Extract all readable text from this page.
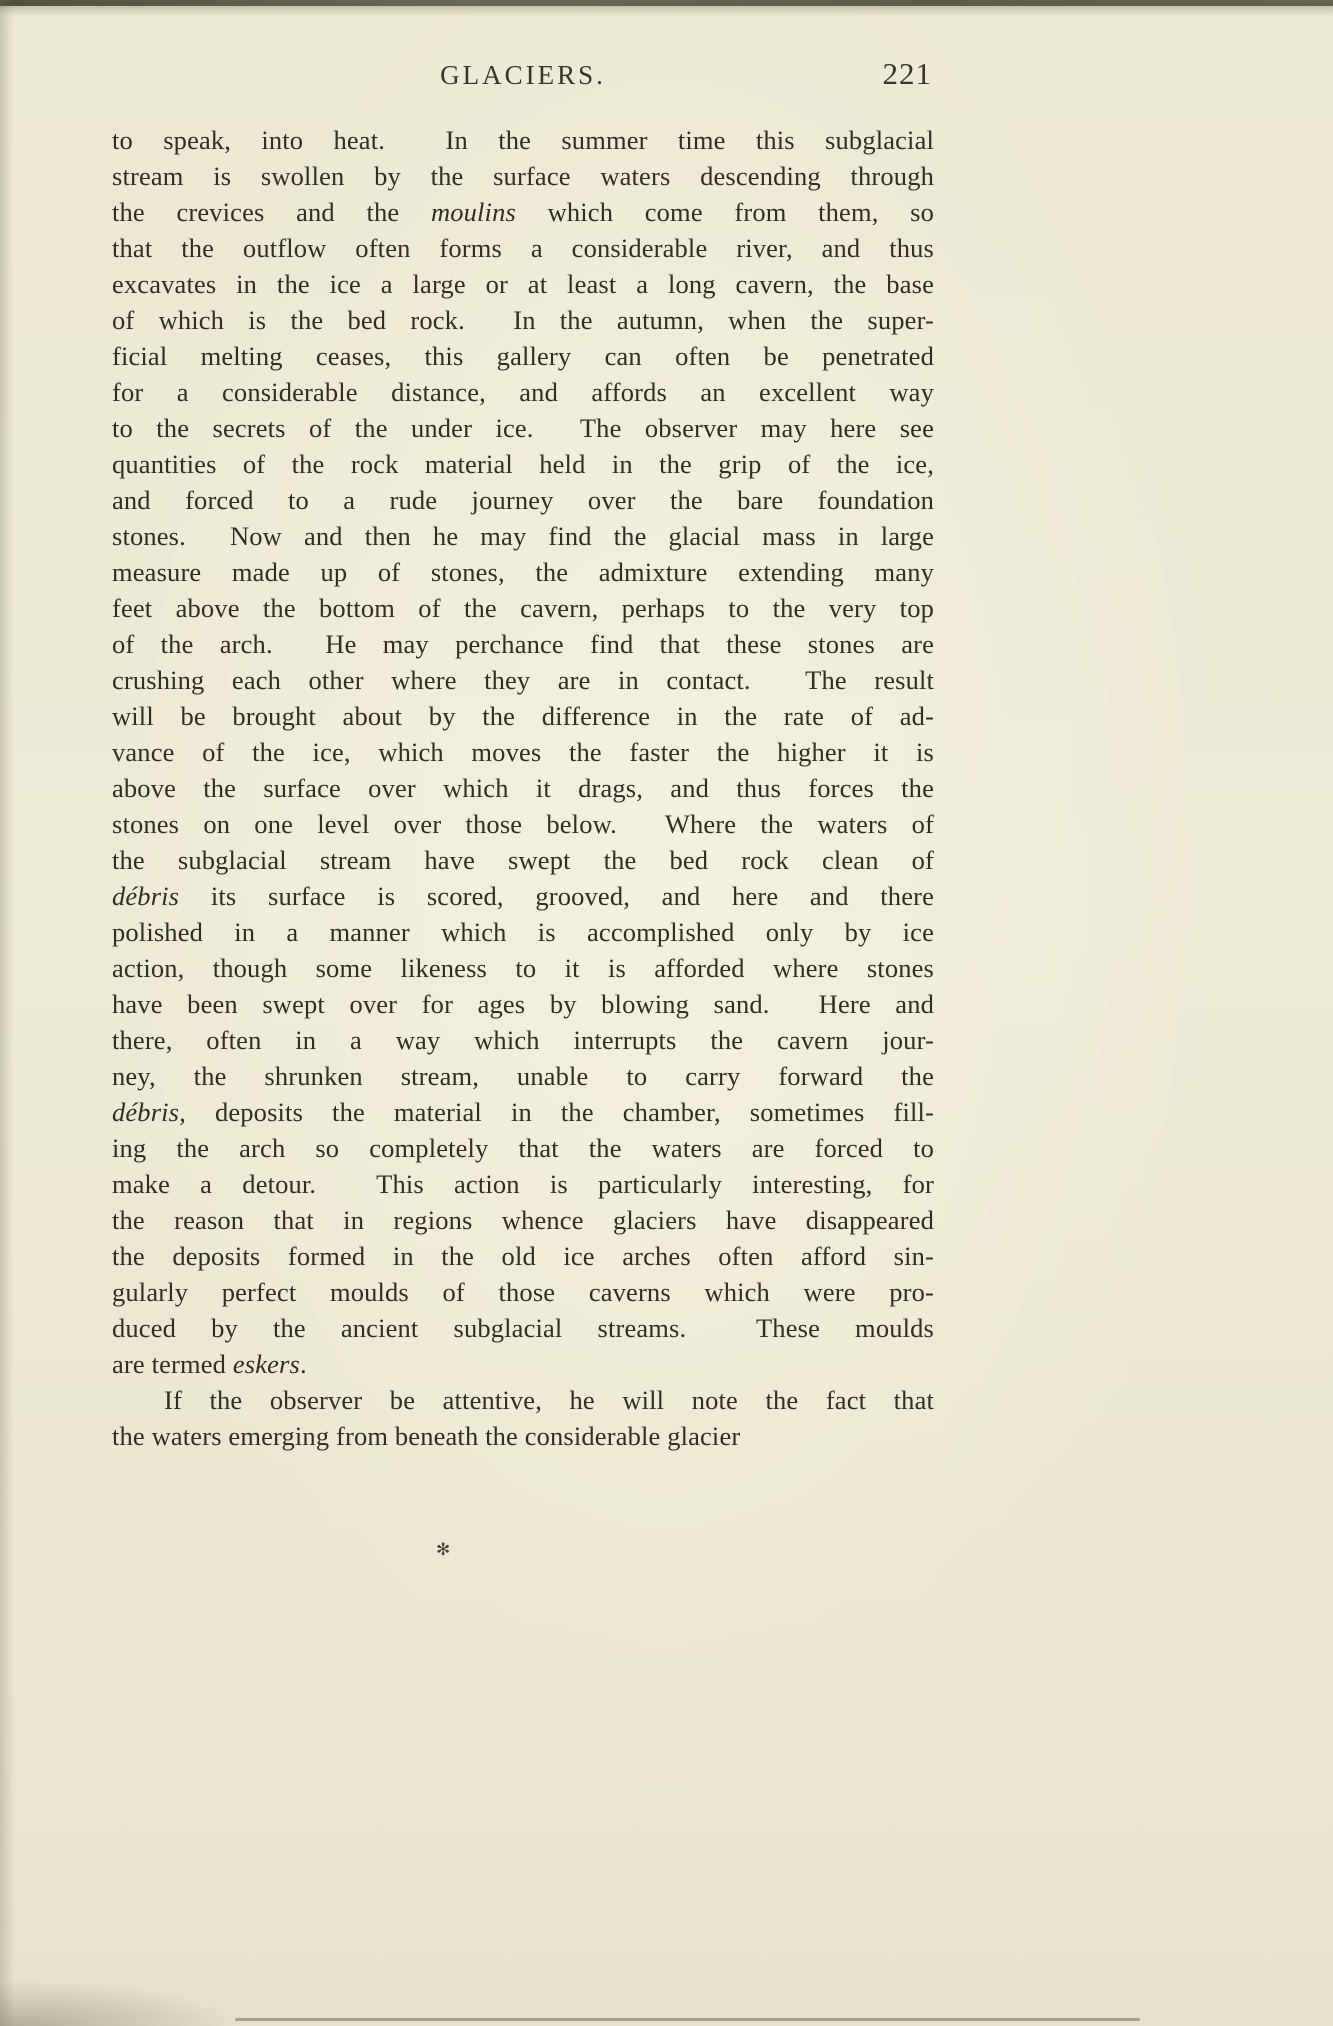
GLACIERS.	221
to speak, into heat.  In the summer time this subglacial
stream is swollen by the surface waters descending through
the crevices and the moulins which come from them, so
that the outflow often forms a considerable river, and thus
excavates in the ice a large or at least a long cavern, the base
of which is the bed rock.  In the autumn, when the super-
ficial melting ceases, this gallery can often be penetrated
for a considerable distance, and affords an excellent way
to the secrets of the under ice.  The observer may here see
quantities of the rock material held in the grip of the ice,
and forced to a rude journey over the bare foundation
stones.  Now and then he may find the glacial mass in large
measure made up of stones, the admixture extending many
feet above the bottom of the cavern, perhaps to the very top
of the arch.  He may perchance find that these stones are
crushing each other where they are in contact.  The result
will be brought about by the difference in the rate of ad-
vance of the ice, which moves the faster the higher it is
above the surface over which it drags, and thus forces the
stones on one level over those below.  Where the waters of
the subglacial stream have swept the bed rock clean of
débris its surface is scored, grooved, and here and there
polished in a manner which is accomplished only by ice
action, though some likeness to it is afforded where stones
have been swept over for ages by blowing sand.  Here and
there, often in a way which interrupts the cavern jour-
ney, the shrunken stream, unable to carry forward the
débris, deposits the material in the chamber, sometimes fill-
ing the arch so completely that the waters are forced to
make a detour.  This action is particularly interesting, for
the reason that in regions whence glaciers have disappeared
the deposits formed in the old ice arches often afford sin-
gularly perfect moulds of those caverns which were pro-
duced by the ancient subglacial streams.  These moulds
are termed eskers.
If the observer be attentive, he will note the fact that
the waters emerging from beneath the considerable glacier
✻
